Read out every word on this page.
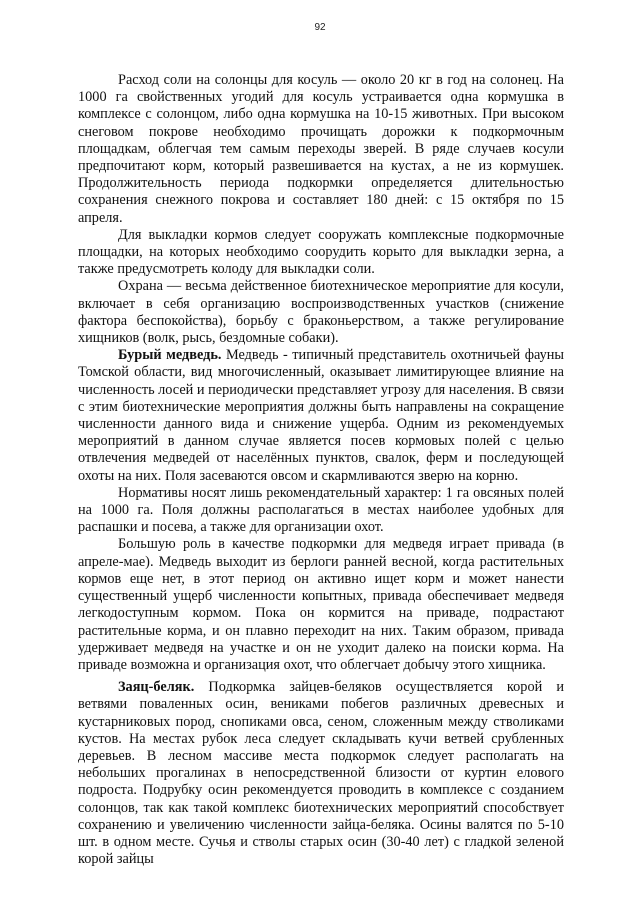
92

Расход соли на солонцы для косуль — около 20 кг в год на солонец. На 1000 га свойственных угодий для косуль устраивается одна кормушка в комплексе с солонцом, либо одна кормушка на 10-15 животных. При высоком снеговом покрове необходимо прочищать дорожки к подкормочным площадкам, облегчая тем самым переходы зверей. В ряде случаев косули предпочитают корм, который развешивается на кустах, а не из кормушек. Продолжительность периода подкормки определяется длительностью сохранения снежного покрова и составляет 180 дней: с 15 октября по 15 апреля.

Для выкладки кормов следует сооружать комплексные подкормочные площадки, на которых необходимо соорудить корыто для выкладки зерна, а также предусмотреть колоду для выкладки соли.

Охрана — весьма действенное биотехническое мероприятие для косули, включает в себя организацию воспроизводственных участков (снижение фактора беспокойства), борьбу с браконьерством, а также регулирование хищников (волк, рысь, бездомные собаки).

Бурый медведь. Медведь - типичный представитель охотничьей фауны Томской области, вид многочисленный, оказывает лимитирующее влияние на численность лосей и периодически представляет угрозу для населения. В связи с этим биотехнические мероприятия должны быть направлены на сокращение численности данного вида и снижение ущерба. Одним из рекомендуемых мероприятий в данном случае является посев кормовых полей с целью отвлечения медведей от населённых пунктов, свалок, ферм и последующей охоты на них. Поля засеваются овсом и скармливаются зверю на корню.

Нормативы носят лишь рекомендательный характер: 1 га овсяных полей на 1000 га. Поля должны располагаться в местах наиболее удобных для распашки и посева, а также для организации охот.

Большую роль в качестве подкормки для медведя играет привада (в апреле-мае). Медведь выходит из берлоги ранней весной, когда растительных кормов еще нет, в этот период он активно ищет корм и может нанести существенный ущерб численности копытных, привада обеспечивает медведя легкодоступным кормом. Пока он кормится на приваде, подрастают растительные корма, и он плавно переходит на них. Таким образом, привада удерживает медведя на участке и он не уходит далеко на поиски корма. На приваде возможна и организация охот, что облегчает добычу этого хищника.

Заяц-беляк. Подкормка зайцев-беляков осуществляется корой и ветвями поваленных осин, вениками побегов различных древесных и кустарниковых пород, снопиками овса, сеном, сложенным между стволиками кустов. На местах рубок леса следует складывать кучи ветвей срубленных деревьев. В лесном массиве места подкормок следует располагать на небольших прогалинах в непосредственной близости от куртин елового подроста. Подрубку осин рекомендуется проводить в комплексе с созданием солонцов, так как такой комплекс биотехнических мероприятий способствует сохранению и увеличению численности зайца-беляка. Осины валятся по 5-10 шт. в одном месте. Сучья и стволы старых осин (30-40 лет) с гладкой зеленой корой зайцы
